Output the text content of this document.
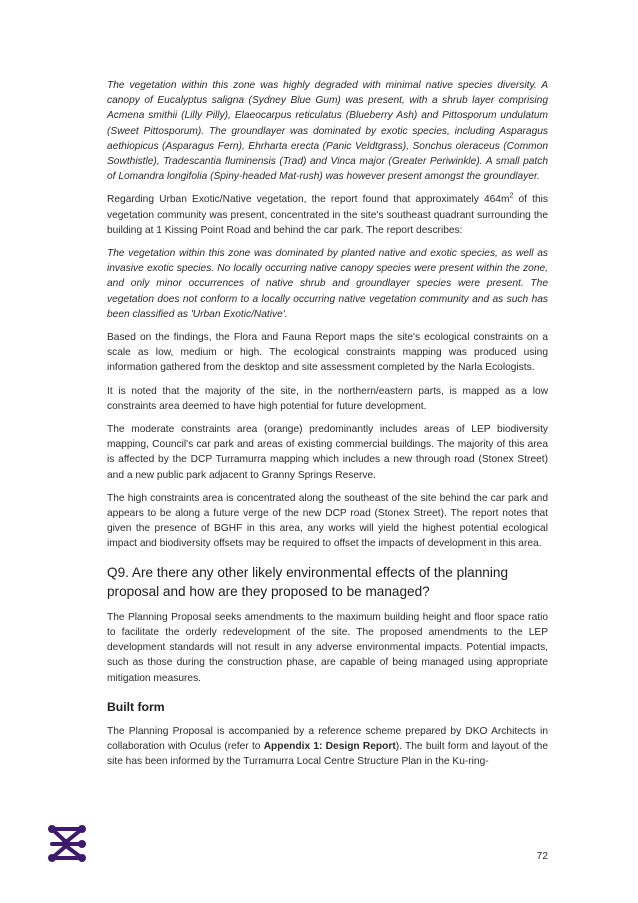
The vegetation within this zone was highly degraded with minimal native species diversity. A canopy of Eucalyptus saligna (Sydney Blue Gum) was present, with a shrub layer comprising Acmena smithii (Lilly Pilly), Elaeocarpus reticulatus (Blueberry Ash) and Pittosporum undulatum (Sweet Pittosporum). The groundlayer was dominated by exotic species, including Asparagus aethiopicus (Asparagus Fern), Ehrharta erecta (Panic Veldtgrass), Sonchus oleraceus (Common Sowthistle), Tradescantia fluminensis (Trad) and Vinca major (Greater Periwinkle). A small patch of Lomandra longifolia (Spiny-headed Mat-rush) was however present amongst the groundlayer.

Regarding Urban Exotic/Native vegetation, the report found that approximately $464m^2$ of this vegetation community was present, concentrated in the site's southeast quadrant surrounding the building at 1 Kissing Point Road and behind the car park. The report describes:

The vegetation within this zone was dominated by planted native and exotic species, as well as invasive exotic species. No locally occurring native canopy species were present within the zone, and only minor occurrences of native shrub and groundlayer species were present. The vegetation does not conform to a locally occurring native vegetation community and as such has been classified as 'Urban Exotic/Native'.

Based on the findings, the Flora and Fauna Report maps the site's ecological constraints on a scale as low, medium or high. The ecological constraints mapping was produced using information gathered from the desktop and site assessment completed by the Narla Ecologists.

It is noted that the majority of the site, in the northern/eastern parts, is mapped as a low constraints area deemed to have high potential for future development.

The moderate constraints area (orange) predominantly includes areas of LEP biodiversity mapping, Council's car park and areas of existing commercial buildings. The majority of this area is affected by the DCP Turramurra mapping which includes a new through road (Stonex Street) and a new public park adjacent to Granny Springs Reserve.

The high constraints area is concentrated along the southeast of the site behind the car park and appears to be along a future verge of the new DCP road (Stonex Street). The report notes that given the presence of BGHF in this area, any works will yield the highest potential ecological impact and biodiversity offsets may be required to offset the impacts of development in this area.

Q9. Are there any other likely environmental effects of the planning proposal and how are they proposed to be managed?

The Planning Proposal seeks amendments to the maximum building height and floor space ratio to facilitate the orderly redevelopment of the site. The proposed amendments to the LEP development standards will not result in any adverse environmental impacts. Potential impacts, such as those during the construction phase, are capable of being managed using appropriate mitigation measures.

Built form

The Planning Proposal is accompanied by a reference scheme prepared by DKO Architects in collaboration with Oculus (refer to Appendix 1: Design Report). The built form and layout of the site has been informed by the Turramurra Local Centre Structure Plan in the Ku-ring-

72
